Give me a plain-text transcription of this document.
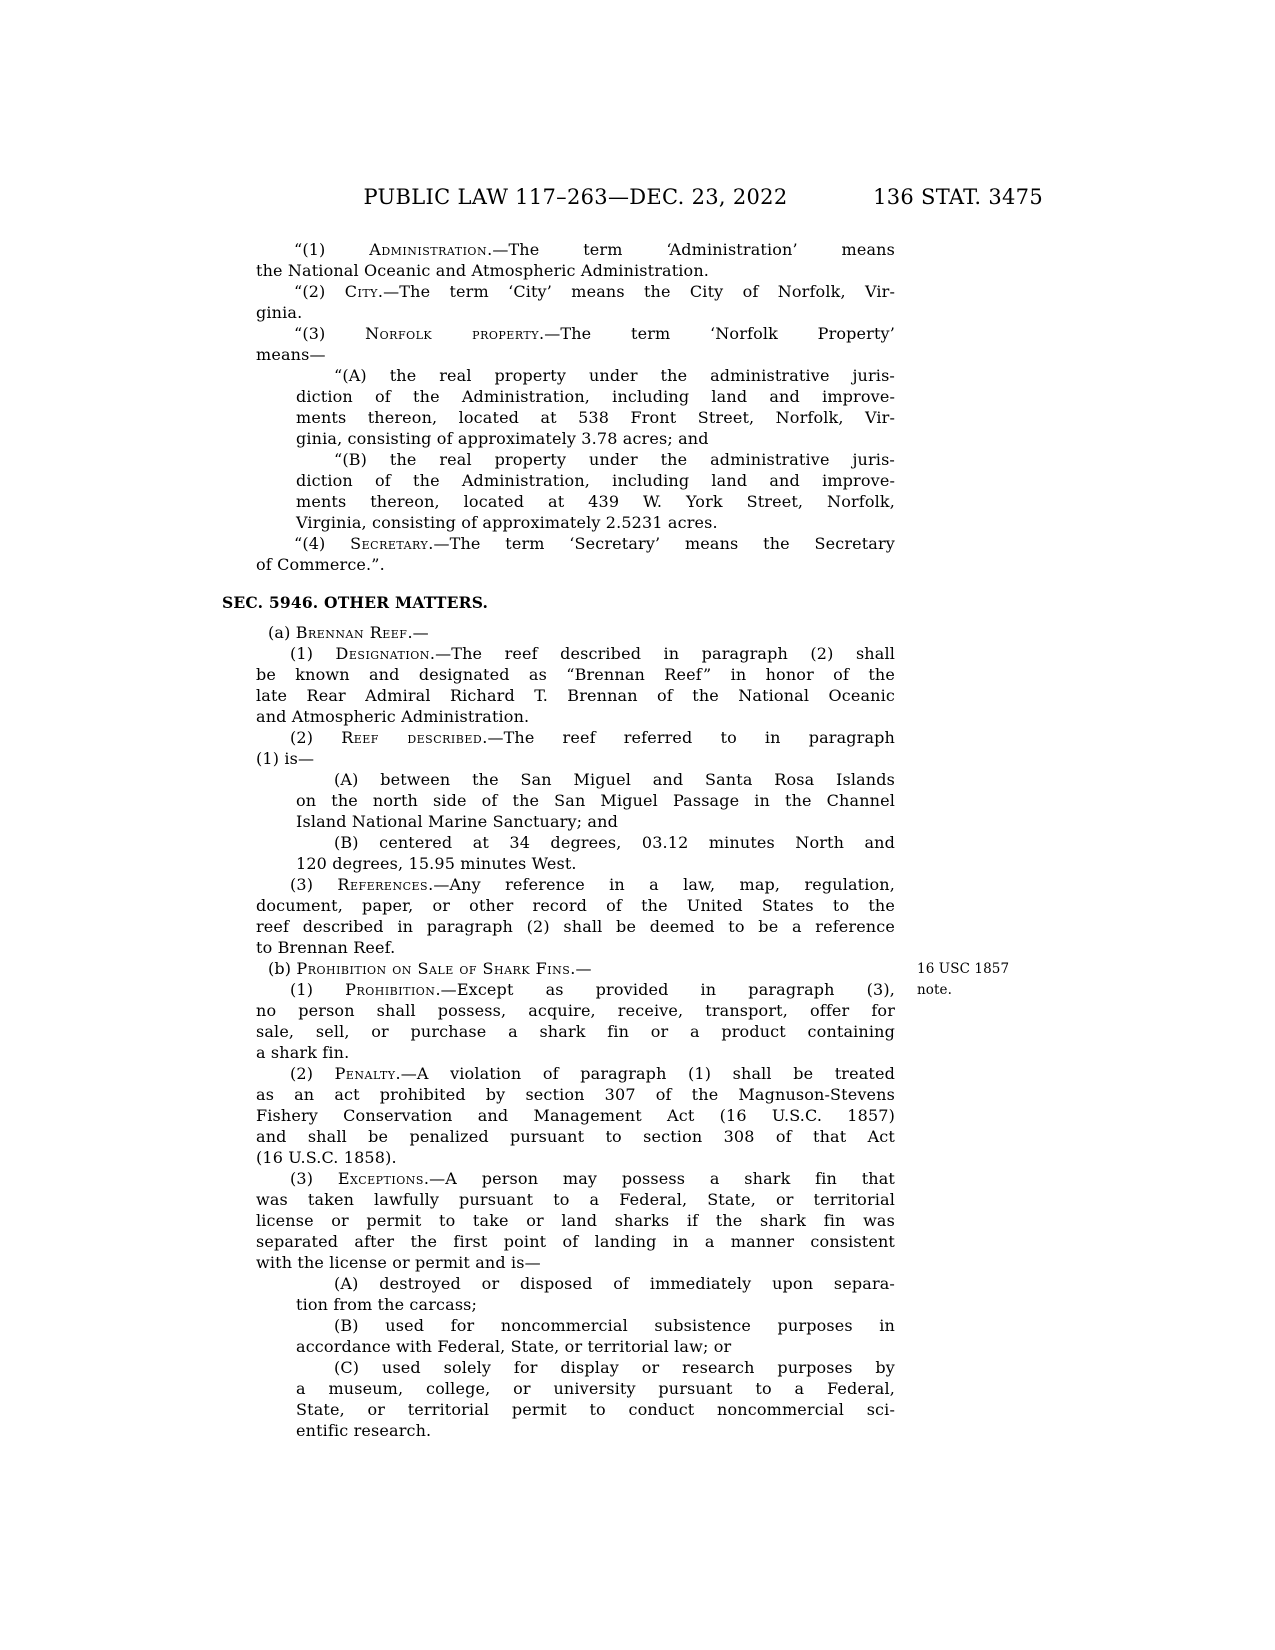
PUBLIC LAW 117–263—DEC. 23, 2022	136 STAT. 3475
“(1) Administration.—The term ‘Administration’ means
the National Oceanic and Atmospheric Administration.
“(2) City.—The term ‘City’ means the City of Norfolk, Vir-
ginia.
“(3) Norfolk property.—The term ‘Norfolk Property’
means—
“(A) the real property under the administrative juris-
diction of the Administration, including land and improve-
ments thereon, located at 538 Front Street, Norfolk, Vir-
ginia, consisting of approximately 3.78 acres; and
“(B) the real property under the administrative juris-
diction of the Administration, including land and improve-
ments thereon, located at 439 W. York Street, Norfolk,
Virginia, consisting of approximately 2.5231 acres.
“(4) Secretary.—The term ‘Secretary’ means the Secretary
of Commerce.”.
SEC. 5946. OTHER MATTERS.
(a) Brennan Reef.—
(1) Designation.—The reef described in paragraph (2) shall
be known and designated as “Brennan Reef” in honor of the
late Rear Admiral Richard T. Brennan of the National Oceanic
and Atmospheric Administration.
(2) Reef described.—The reef referred to in paragraph
(1) is—
(A) between the San Miguel and Santa Rosa Islands
on the north side of the San Miguel Passage in the Channel
Island National Marine Sanctuary; and
(B) centered at 34 degrees, 03.12 minutes North and
120 degrees, 15.95 minutes West.
(3) References.—Any reference in a law, map, regulation,
document, paper, or other record of the United States to the
reef described in paragraph (2) shall be deemed to be a reference
to Brennan Reef.
(b) Prohibition on Sale of Shark Fins.—	16 USC 1857
note.
(1) Prohibition.—Except as provided in paragraph (3),
no person shall possess, acquire, receive, transport, offer for
sale, sell, or purchase a shark fin or a product containing
a shark fin.
(2) Penalty.—A violation of paragraph (1) shall be treated
as an act prohibited by section 307 of the Magnuson-Stevens
Fishery Conservation and Management Act (16 U.S.C. 1857)
and shall be penalized pursuant to section 308 of that Act
(16 U.S.C. 1858).
(3) Exceptions.—A person may possess a shark fin that
was taken lawfully pursuant to a Federal, State, or territorial
license or permit to take or land sharks if the shark fin was
separated after the first point of landing in a manner consistent
with the license or permit and is—
(A) destroyed or disposed of immediately upon separa-
tion from the carcass;
(B) used for noncommercial subsistence purposes in
accordance with Federal, State, or territorial law; or
(C) used solely for display or research purposes by
a museum, college, or university pursuant to a Federal,
State, or territorial permit to conduct noncommercial sci-
entific research.
